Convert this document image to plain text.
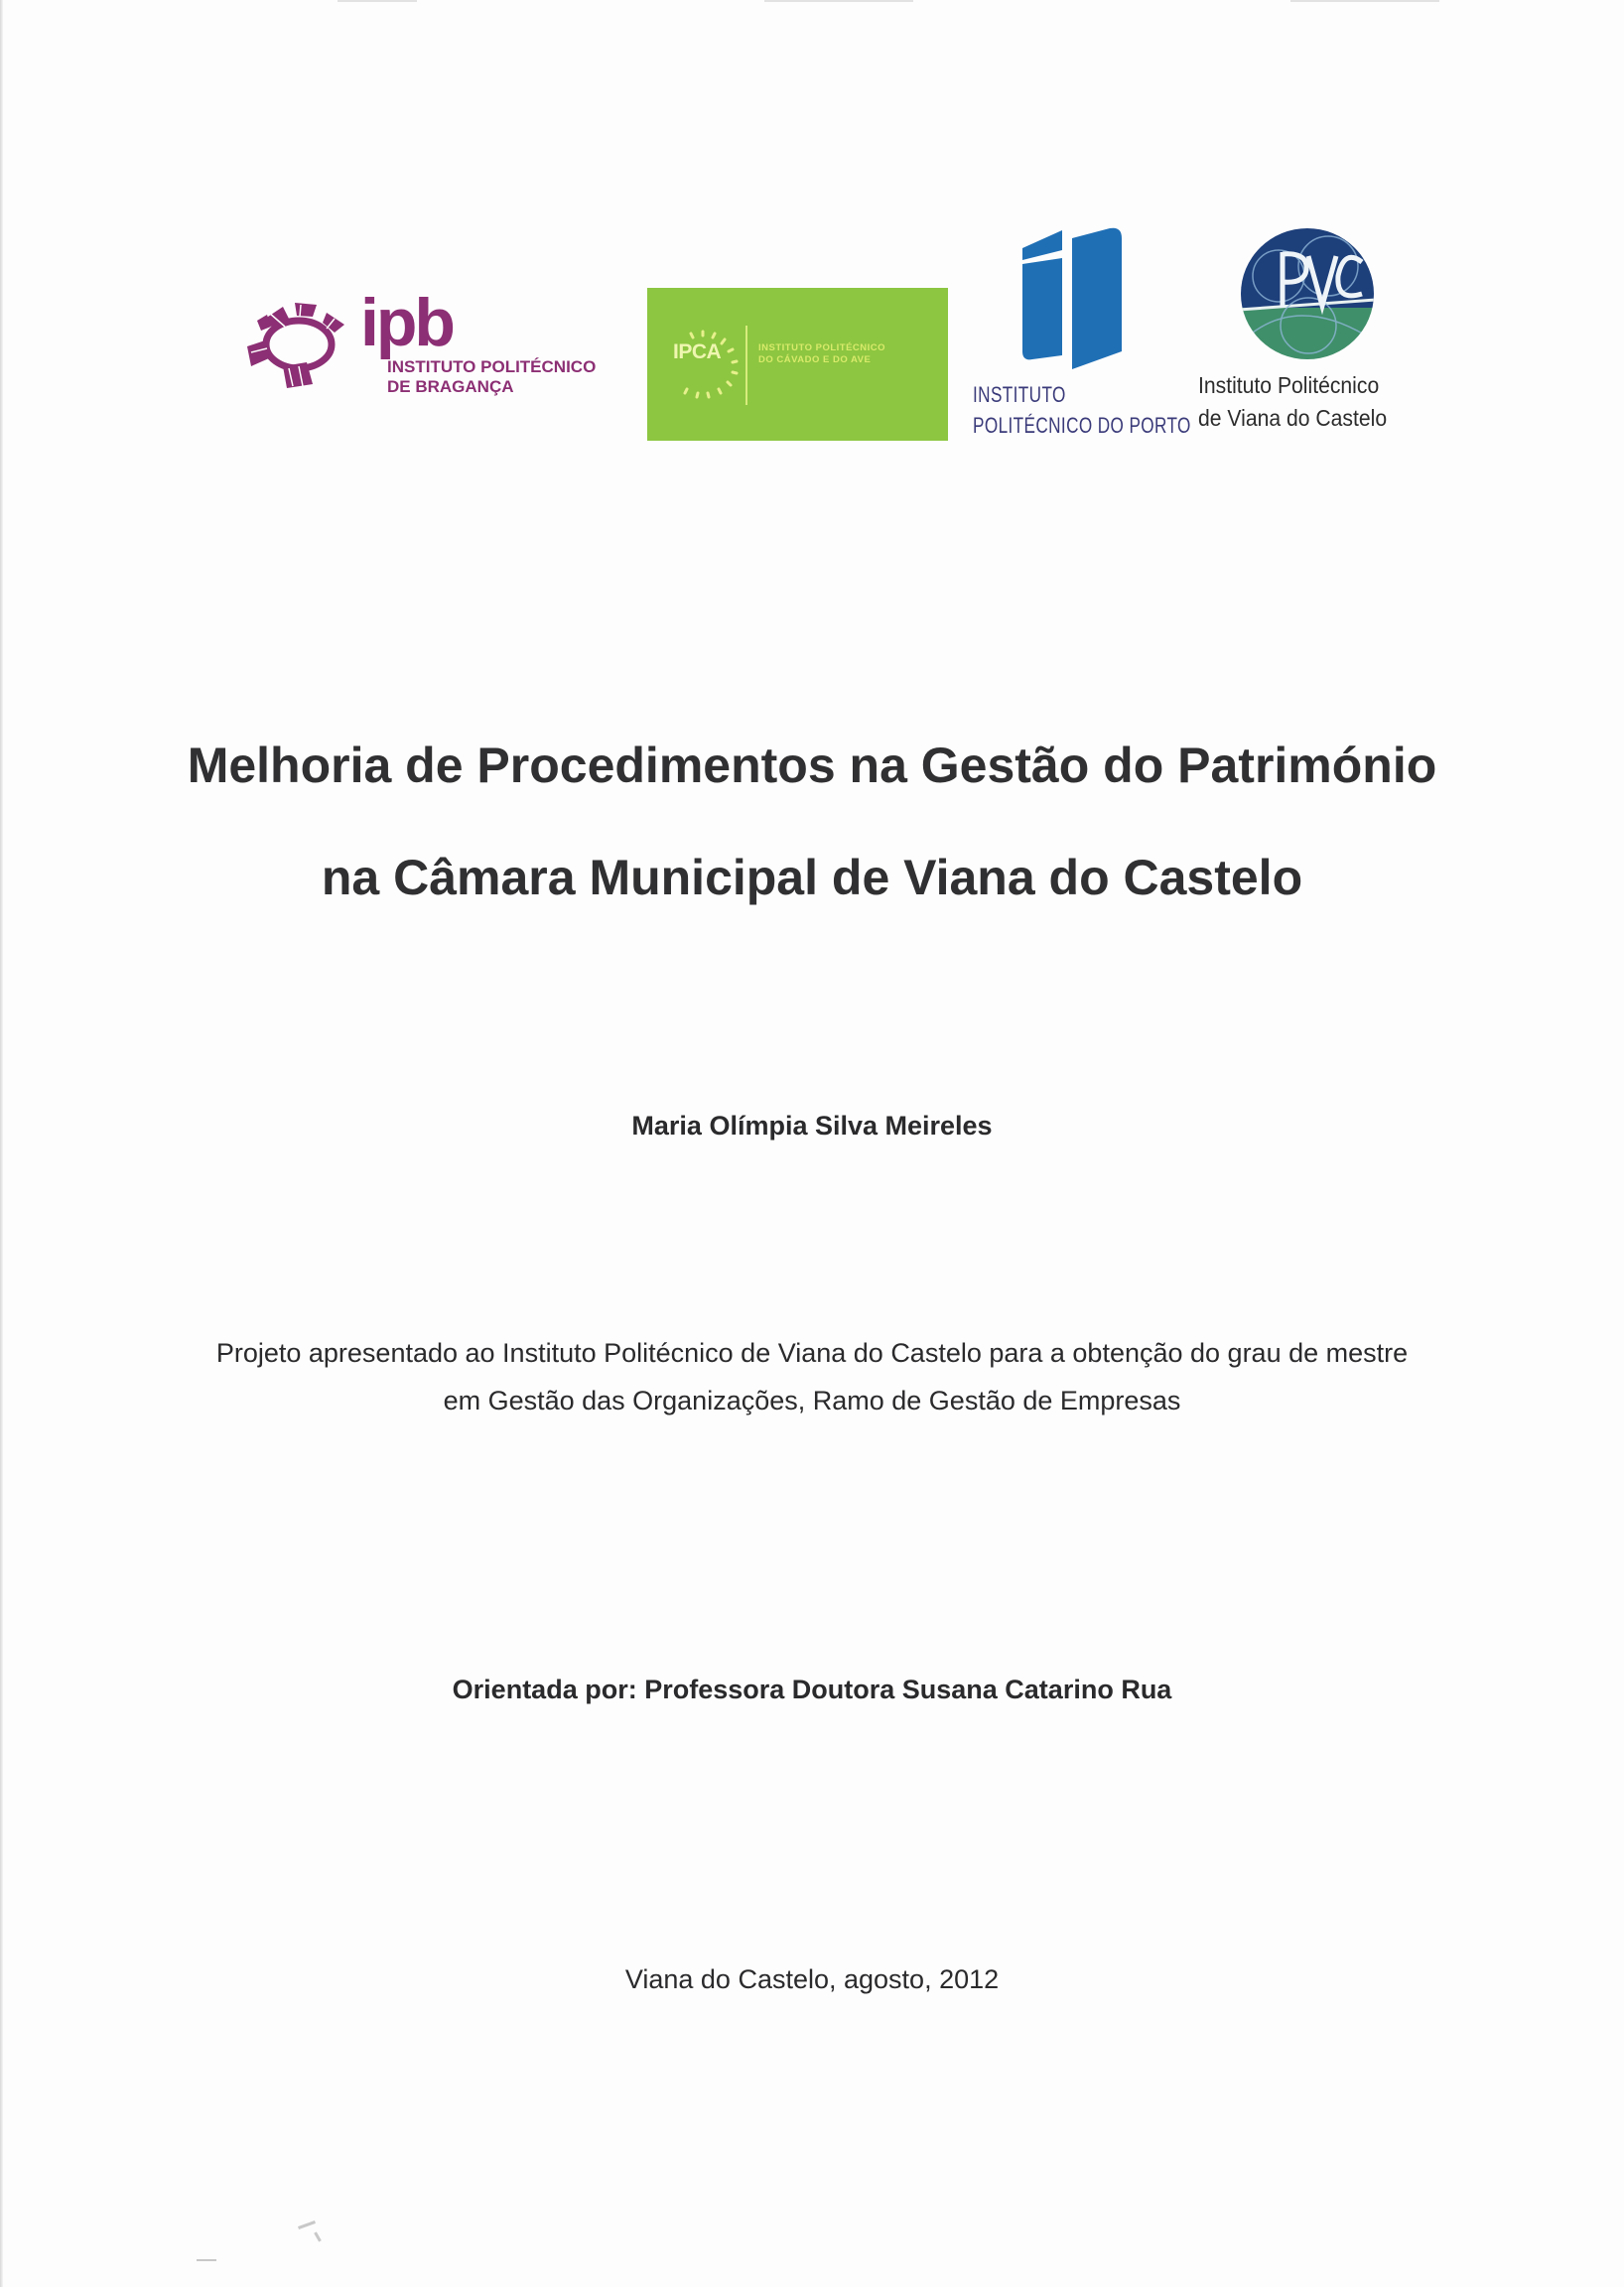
ipb
INSTITUTO POLITÉCNICO
DE BRAGANÇA
IPCA	INSTITUTO POLITÉCNICO
DO CÁVADO E DO AVE
INSTITUTO
POLITÉCNICO DO PORTO
Instituto Politécnico
de Viana do Castelo
Melhoria de Procedimentos na Gestão do Património
na Câmara Municipal de Viana do Castelo
Maria Olímpia Silva Meireles
Projeto apresentado ao Instituto Politécnico de Viana do Castelo para a obtenção do grau de mestre
em Gestão das Organizações, Ramo de Gestão de Empresas
Orientada por: Professora Doutora Susana Catarino Rua
Viana do Castelo, agosto, 2012
